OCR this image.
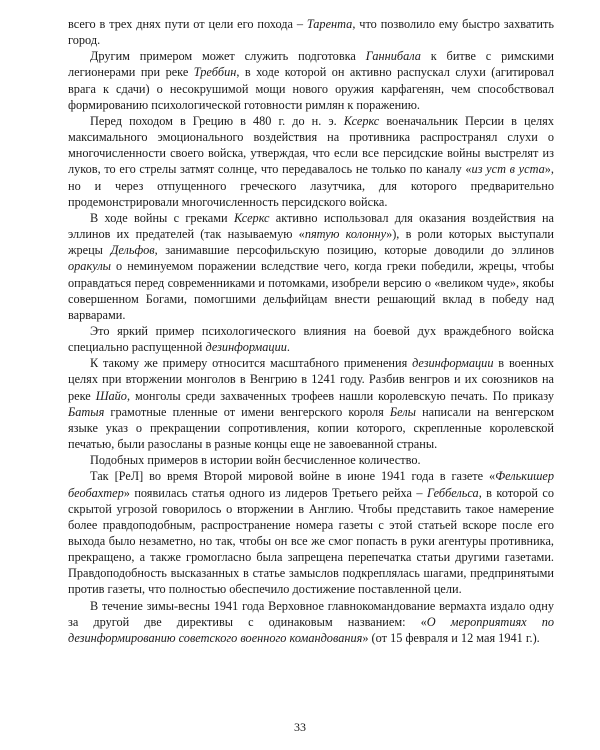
всего в трех днях пути от цели его похода – Тарента, что позволило ему быстро захватить город.

Другим примером может служить подготовка Ганнибала к битве с римскими легионерами при реке Треббин, в ходе которой он активно распускал слухи (агитировал врага к сдачи) о несокрушимой мощи нового оружия карфагенян, чем способствовал формированию психологической готовности римлян к поражению.

Перед походом в Грецию в 480 г. до н. э. Ксеркс военачальник Персии в целях максимального эмоционального воздействия на противника распространял слухи о многочисленности своего войска, утверждая, что если все персидские войны выстрелят из луков, то его стрелы затмят солнце, что передавалось не только по каналу «из уст в уста», но и через отпущенного греческого лазутчика, для которого предварительно продемонстрировали многочисленность персидского войска.

В ходе войны с греками Ксеркс активно использовал для оказания воздействия на эллинов их предателей (так называемую «пятую колонну»), в роли которых выступали жрецы Дельфов, занимавшие персофильскую позицию, которые доводили до эллинов оракулы о неминуемом поражении вследствие чего, когда греки победили, жрецы, чтобы оправдаться перед современниками и потомками, изобрели версию о «великом чуде», якобы совершенном Богами, помогшими дельфийцам внести решающий вклад в победу над варварами.

Это яркий пример психологического влияния на боевой дух враждебного войска специально распущенной дезинформации.

К такому же примеру относится масштабного применения дезинформации в военных целях при вторжении монголов в Венгрию в 1241 году. Разбив венгров и их союзников на реке Шайо, монголы среди захваченных трофеев нашли королевскую печать. По приказу Батыя грамотные пленные от имени венгерского короля Белы написали на венгерском языке указ о прекращении сопротивления, копии которого, скрепленные королевской печатью, были разосланы в разные концы еще не завоеванной страны.

Подобных примеров в истории войн бесчисленное количество.

Так [РеЛ] во время Второй мировой войне в июне 1941 года в газете «Фелькишер беобахтер» появилась статья одного из лидеров Третьего рейха – Геббельса, в которой со скрытой угрозой говорилось о вторжении в Англию. Чтобы представить такое намерение более правдоподобным, распространение номера газеты с этой статьей вскоре после его выхода было незаметно, но так, чтобы он все же смог попасть в руки агентуры противника, прекращено, а также громогласно была запрещена перепечатка статьи другими газетами. Правдоподобность высказанных в статье замыслов подкреплялась шагами, предпринятыми против газеты, что полностью обеспечило достижение поставленной цели.

В течение зимы-весны 1941 года Верховное главнокомандование вермахта издало одну за другой две директивы с одинаковым названием: «О мероприятиях по дезинформированию советского военного командования» (от 15 февраля и 12 мая 1941 г.).

33
